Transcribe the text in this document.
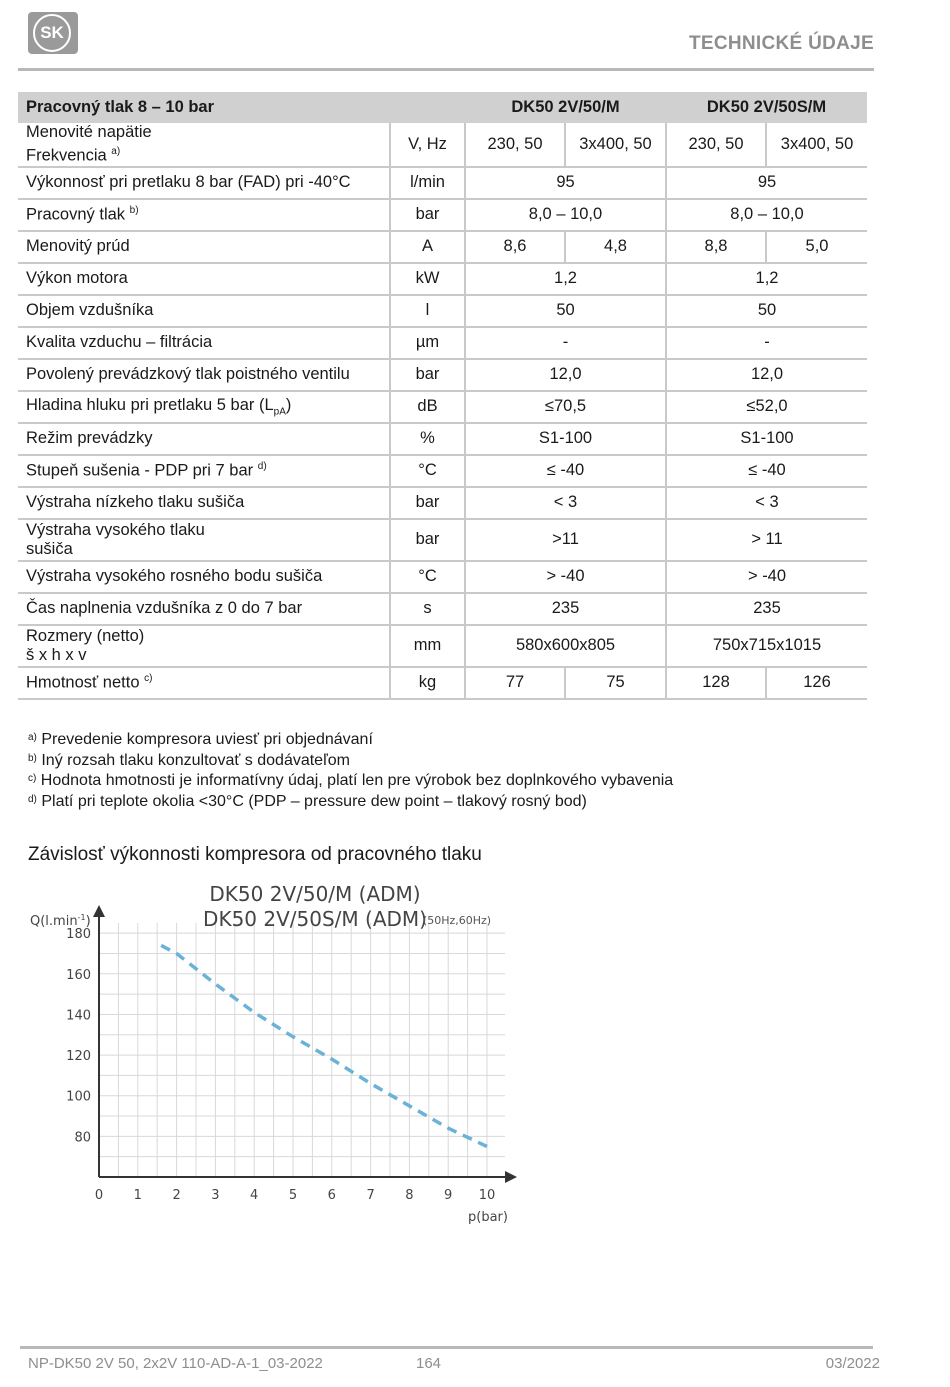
SK
TECHNICKÉ ÚDAJE
Pracovný tlak 8 – 10 bar		DK50 2V/50/M		DK50 2V/50S/M	

Menovité napätie
Frekvencia $^{a)}$	V, Hz	230, 50	3x400, 50	230, 50	3x400, 50
Výkonnosť pri pretlaku 8 bar (FAD) pri -40°C	l/min	95		95	
Pracovný tlak $^{b)}$	bar	8,0 – 10,0		8,0 – 10,0	
Menovitý prúd	A	8,6	4,8	8,8	5,0
Výkon motora	kW	1,2		1,2	
Objem vzdušníka	l	50		50	
Kvalita vzduchu – filtrácia	µm	-		-	
Povolený prevádzkový tlak poistného ventilu	bar	12,0		12,0	
Hladina hluku pri pretlaku 5 bar $(L_{pA})$	dB	≤70,5		≤52,0	
Režim prevádzky	%	S1-100		S1-100	
Stupeň sušenia - PDP pri 7 bar $^{d)}$	°C	≤ -40		≤ -40	
Výstraha nízkeho tlaku sušiča	bar	< 3		< 3	

Výstraha vysokého tlaku
sušiča	bar	>11		> 11	
Výstraha vysokého rosného bodu sušiča	°C	> -40		> -40	
Čas naplnenia vzdušníka z 0 do 7 bar	s	235		235	

Rozmery (netto)
š x h x v	mm	580x600x805		750x715x1015	
Hmotnosť netto $^{c)}$	kg	77	75	128	126
$^{a)}$ Prevedenie kompresora uviesť pri objednávaní
$^{b)}$ Iný rozsah tlaku konzultovať s dodávateľom
$^{c)}$ Hodnota hmotnosti je informatívny údaj, platí len pre výrobok bez doplnkového vybavenia
$^{d)}$ Platí pri teplote okolia <30°C (PDP – pressure dew point – tlakový rosný bod)
Závislosť výkonnosti kompresora od pracovného tlaku
0 1 2 3 4 5 6 7 8 9 10
80
100
120
140
160
180
DK50 2V/50/M (ADM)
DK50 2V/50S/M (ADM)
(50Hz,60Hz)
$Q(l.\min^{-1})$
p(bar)
NP-DK50 2V 50, 2x2V 110-AD-A-1_03-2022	164	03/2022
